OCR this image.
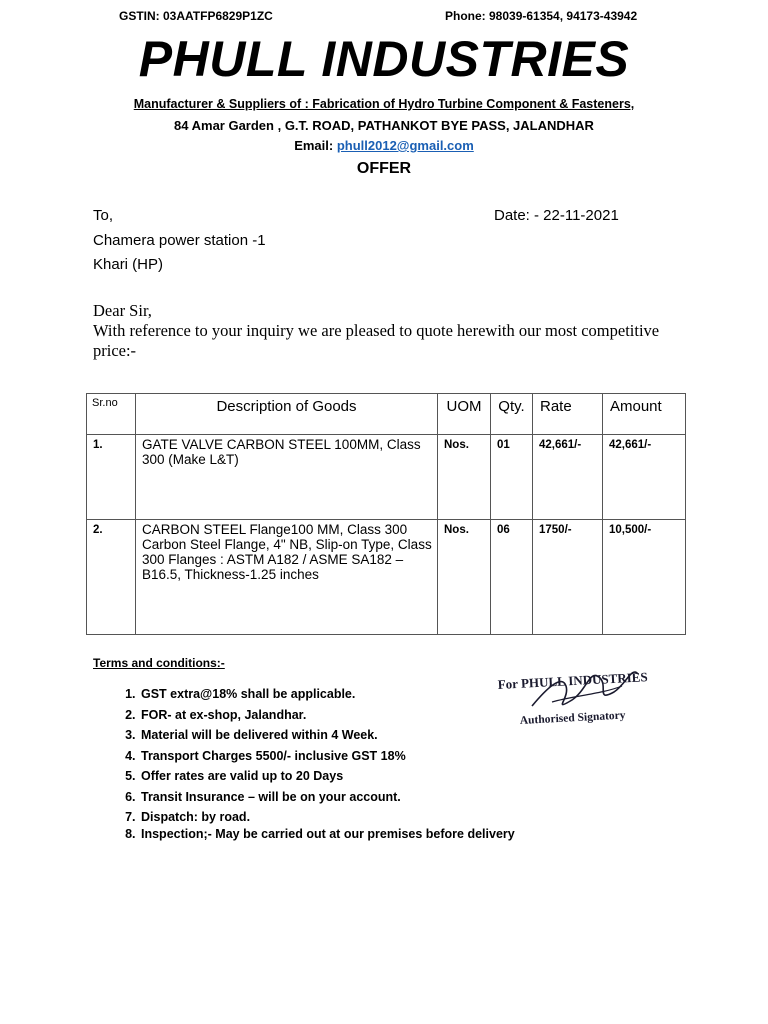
GSTIN: 03AATFP6829P1ZC	Phone: 98039-61354, 94173-43942
PHULL INDUSTRIES
Manufacturer & Suppliers of : Fabrication of Hydro Turbine Component & Fasteners,
84 Amar Garden , G.T. ROAD, PATHANKOT BYE PASS, JALANDHAR
Email: phull2012@gmail.com
OFFER
To,	Date: - 22-11-2021
Chamera power station -1
Khari (HP)
Dear Sir,
With reference to your inquiry we are pleased to quote herewith our most competitive price:-
Sr.no	Description of Goods	UOM	Qty.	Rate	Amount
1.	GATE VALVE CARBON STEEL 100MM, Class 300 (Make L&T)	Nos.	01	42,661/-	42,661/-
2.	CARBON STEEL Flange100 MM, Class 300 Carbon Steel Flange, 4" NB, Slip-on Type, Class 300 Flanges : ASTM A182 / ASME SA182 – B16.5, Thickness-1.25 inches	Nos.	06	1750/-	10,500/-
Terms and conditions:-
1. GST extra@18% shall be applicable.
2. FOR- at ex-shop, Jalandhar.
3. Material will be delivered within 4 Week.
4. Transport Charges 5500/- inclusive GST 18%
5. Offer rates are valid up to 20 Days
6. Transit Insurance – will be on your account.
7. Dispatch: by road.
8. Inspection;- May be carried out at our premises before delivery
For PHULL INDUSTRIES
Authorised Signatory
